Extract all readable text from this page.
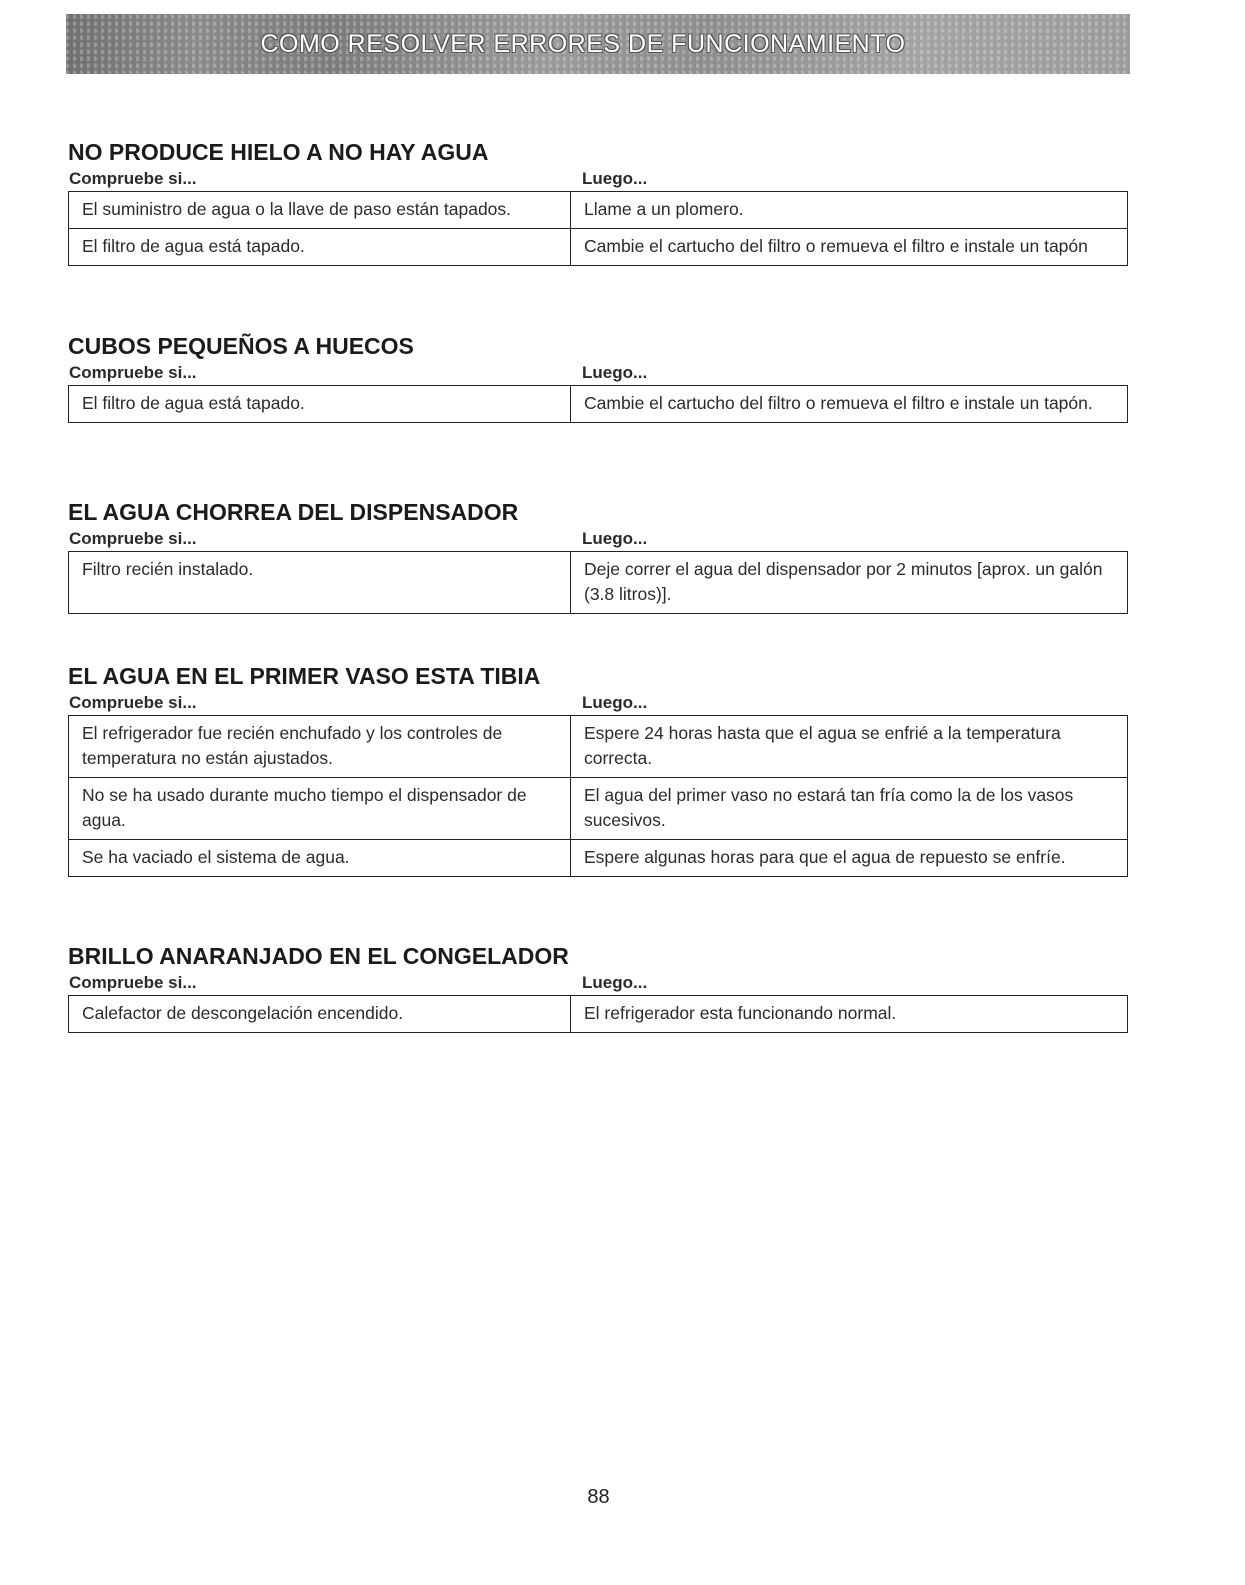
COMO RESOLVER ERRORES DE FUNCIONAMIENTO
NO PRODUCE HIELO A NO HAY AGUA
Compruebe si...	Luego...
El suministro de agua o la llave de paso están tapados.	Llame a un plomero.
El filtro de agua está tapado.	Cambie el cartucho del filtro o remueva el filtro e instale un tapón
CUBOS PEQUEÑOS A HUECOS
Compruebe si...	Luego...
El filtro de agua está tapado.	Cambie el cartucho del filtro o remueva el filtro e instale un tapón.
EL AGUA CHORREA DEL DISPENSADOR
Compruebe si...	Luego...
Filtro recién instalado.	Deje correr el agua del dispensador por 2 minutos [aprox. un galón (3.8 litros)].
EL AGUA EN EL PRIMER VASO ESTA TIBIA
Compruebe si...	Luego...
El refrigerador fue recién enchufado y los controles de temperatura no están ajustados.	Espere 24 horas hasta que el agua se enfrié a la temperatura correcta.
No se ha usado durante mucho tiempo el dispensador de agua.	El agua del primer vaso no estará tan fría como la de los vasos sucesivos.
Se ha vaciado el sistema de agua.	Espere algunas horas para que el agua de repuesto se enfríe.
BRILLO ANARANJADO EN EL CONGELADOR
Compruebe si...	Luego...
Calefactor de descongelación encendido.	El refrigerador esta funcionando normal.
88
